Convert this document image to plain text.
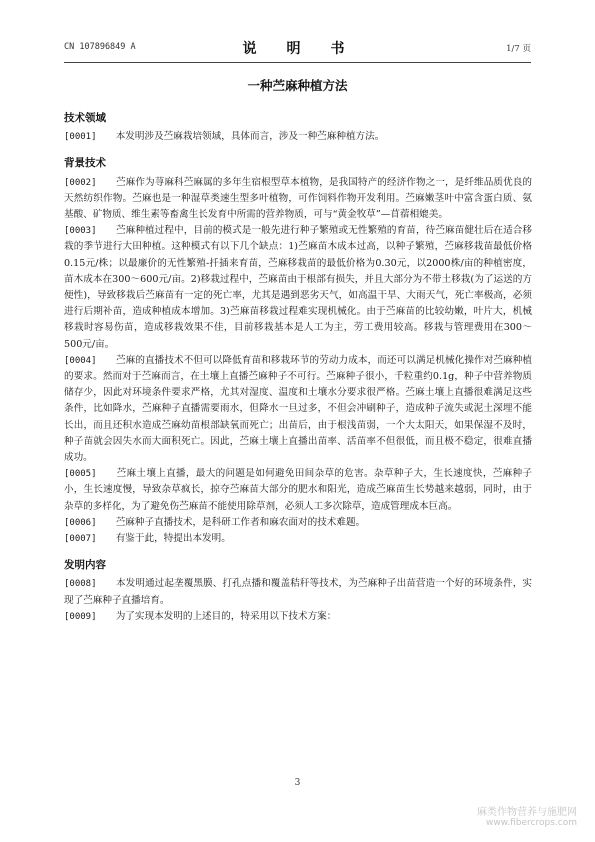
CN 107896849 A	说　明　书	1/7 页
一种苎麻种植方法
技术领域

[0001]　　 本发明涉及苎麻栽培领域，具体而言，涉及一种苎麻种植方法。

背景技术

[0002]　　 苎麻作为荨麻科苎麻属的多年生宿根型草本植物，是我国特产的经济作物之一，是纤维品质优良的天然纺织作物。苎麻也是一种湿草类速生型多叶植物，可作饲料作物开发利用。苎麻嫩茎叶中富含蛋白质、氨基酸、矿物质、维生素等畜禽生长发育中所需的营养物质，可与“黄金牧草”—苜蓿相媲美。

[0003]　　 苎麻种植过程中，目前的模式是一般先进行种子繁殖或无性繁殖的育苗，待苎麻苗健壮后在适合移栽的季节进行大田种植。这种模式有以下几个缺点：1)苎麻苗木成本过高，以种子繁殖，苎麻移栽苗最低价格0.15元/株；以最廉价的无性繁殖-扦插来育苗，苎麻移栽苗的最低价格为0.30元，以2000株/亩的种植密度，苗木成本在300～600元/亩。2)移栽过程中，苎麻苗由于根部有损失，并且大部分为不带土移栽(为了运送的方便性)，导致移栽后苎麻苗有一定的死亡率，尤其是遇到恶劣天气，如高温干旱、大雨天气，死亡率极高，必须进行后期补苗，造成种植成本增加。3)苎麻苗移栽过程难实现机械化。由于苎麻苗的比较幼嫩，叶片大，机械移栽时容易伤苗，造成移栽效果不佳，目前移栽基本是人工为主，劳工费用较高。移栽与管理费用在300～500元/亩。

[0004]　　 苎麻的直播技术不但可以降低育苗和移栽环节的劳动力成本，而还可以满足机械化操作对苎麻种植的要求。然而对于苎麻而言，在土壤上直播苎麻种子不可行。苎麻种子很小，千粒重约0.1g，种子中营养物质储存少，因此对环境条件要求严格，尤其对湿度、温度和土壤水分要求很严格。苎麻土壤上直播很难满足这些条件，比如降水，苎麻种子直播需要雨水，但降水一旦过多，不但会冲刷种子，造成种子流失或泥土深埋不能长出，而且还积水造成苎麻幼苗根部缺氧而死亡；出苗后，由于根浅苗弱，一个大太阳天，如果保湿不及时，种子苗就会因失水而大面积死亡。因此，苎麻土壤上直播出苗率、活苗率不但很低，而且极不稳定，很难直播成功。

[0005]　　 苎麻土壤上直播，最大的问题是如何避免田间杂草的危害。杂草种子大，生长速度快，苎麻种子小，生长速度慢，导致杂草疯长，掠夺苎麻苗大部分的肥水和阳光，造成苎麻苗生长势越来越弱，同时，由于杂草的多样化，为了避免伤苎麻苗不能使用除草剂，必须人工多次除草，造成管理成本巨高。

[0006]　　 苎麻种子直播技术，是科研工作者和麻农面对的技术难题。

[0007]　　 有鉴于此，特提出本发明。

发明内容

[0008]　　 本发明通过起垄覆黑膜、打孔点播和覆盖秸秆等技术，为苎麻种子出苗营造一个好的环境条件，实现了苎麻种子直播培育。

[0009]　　 为了实现本发明的上述目的，特采用以下技术方案：

3
麻类作物营养与施肥网
www.fibercrops.com
